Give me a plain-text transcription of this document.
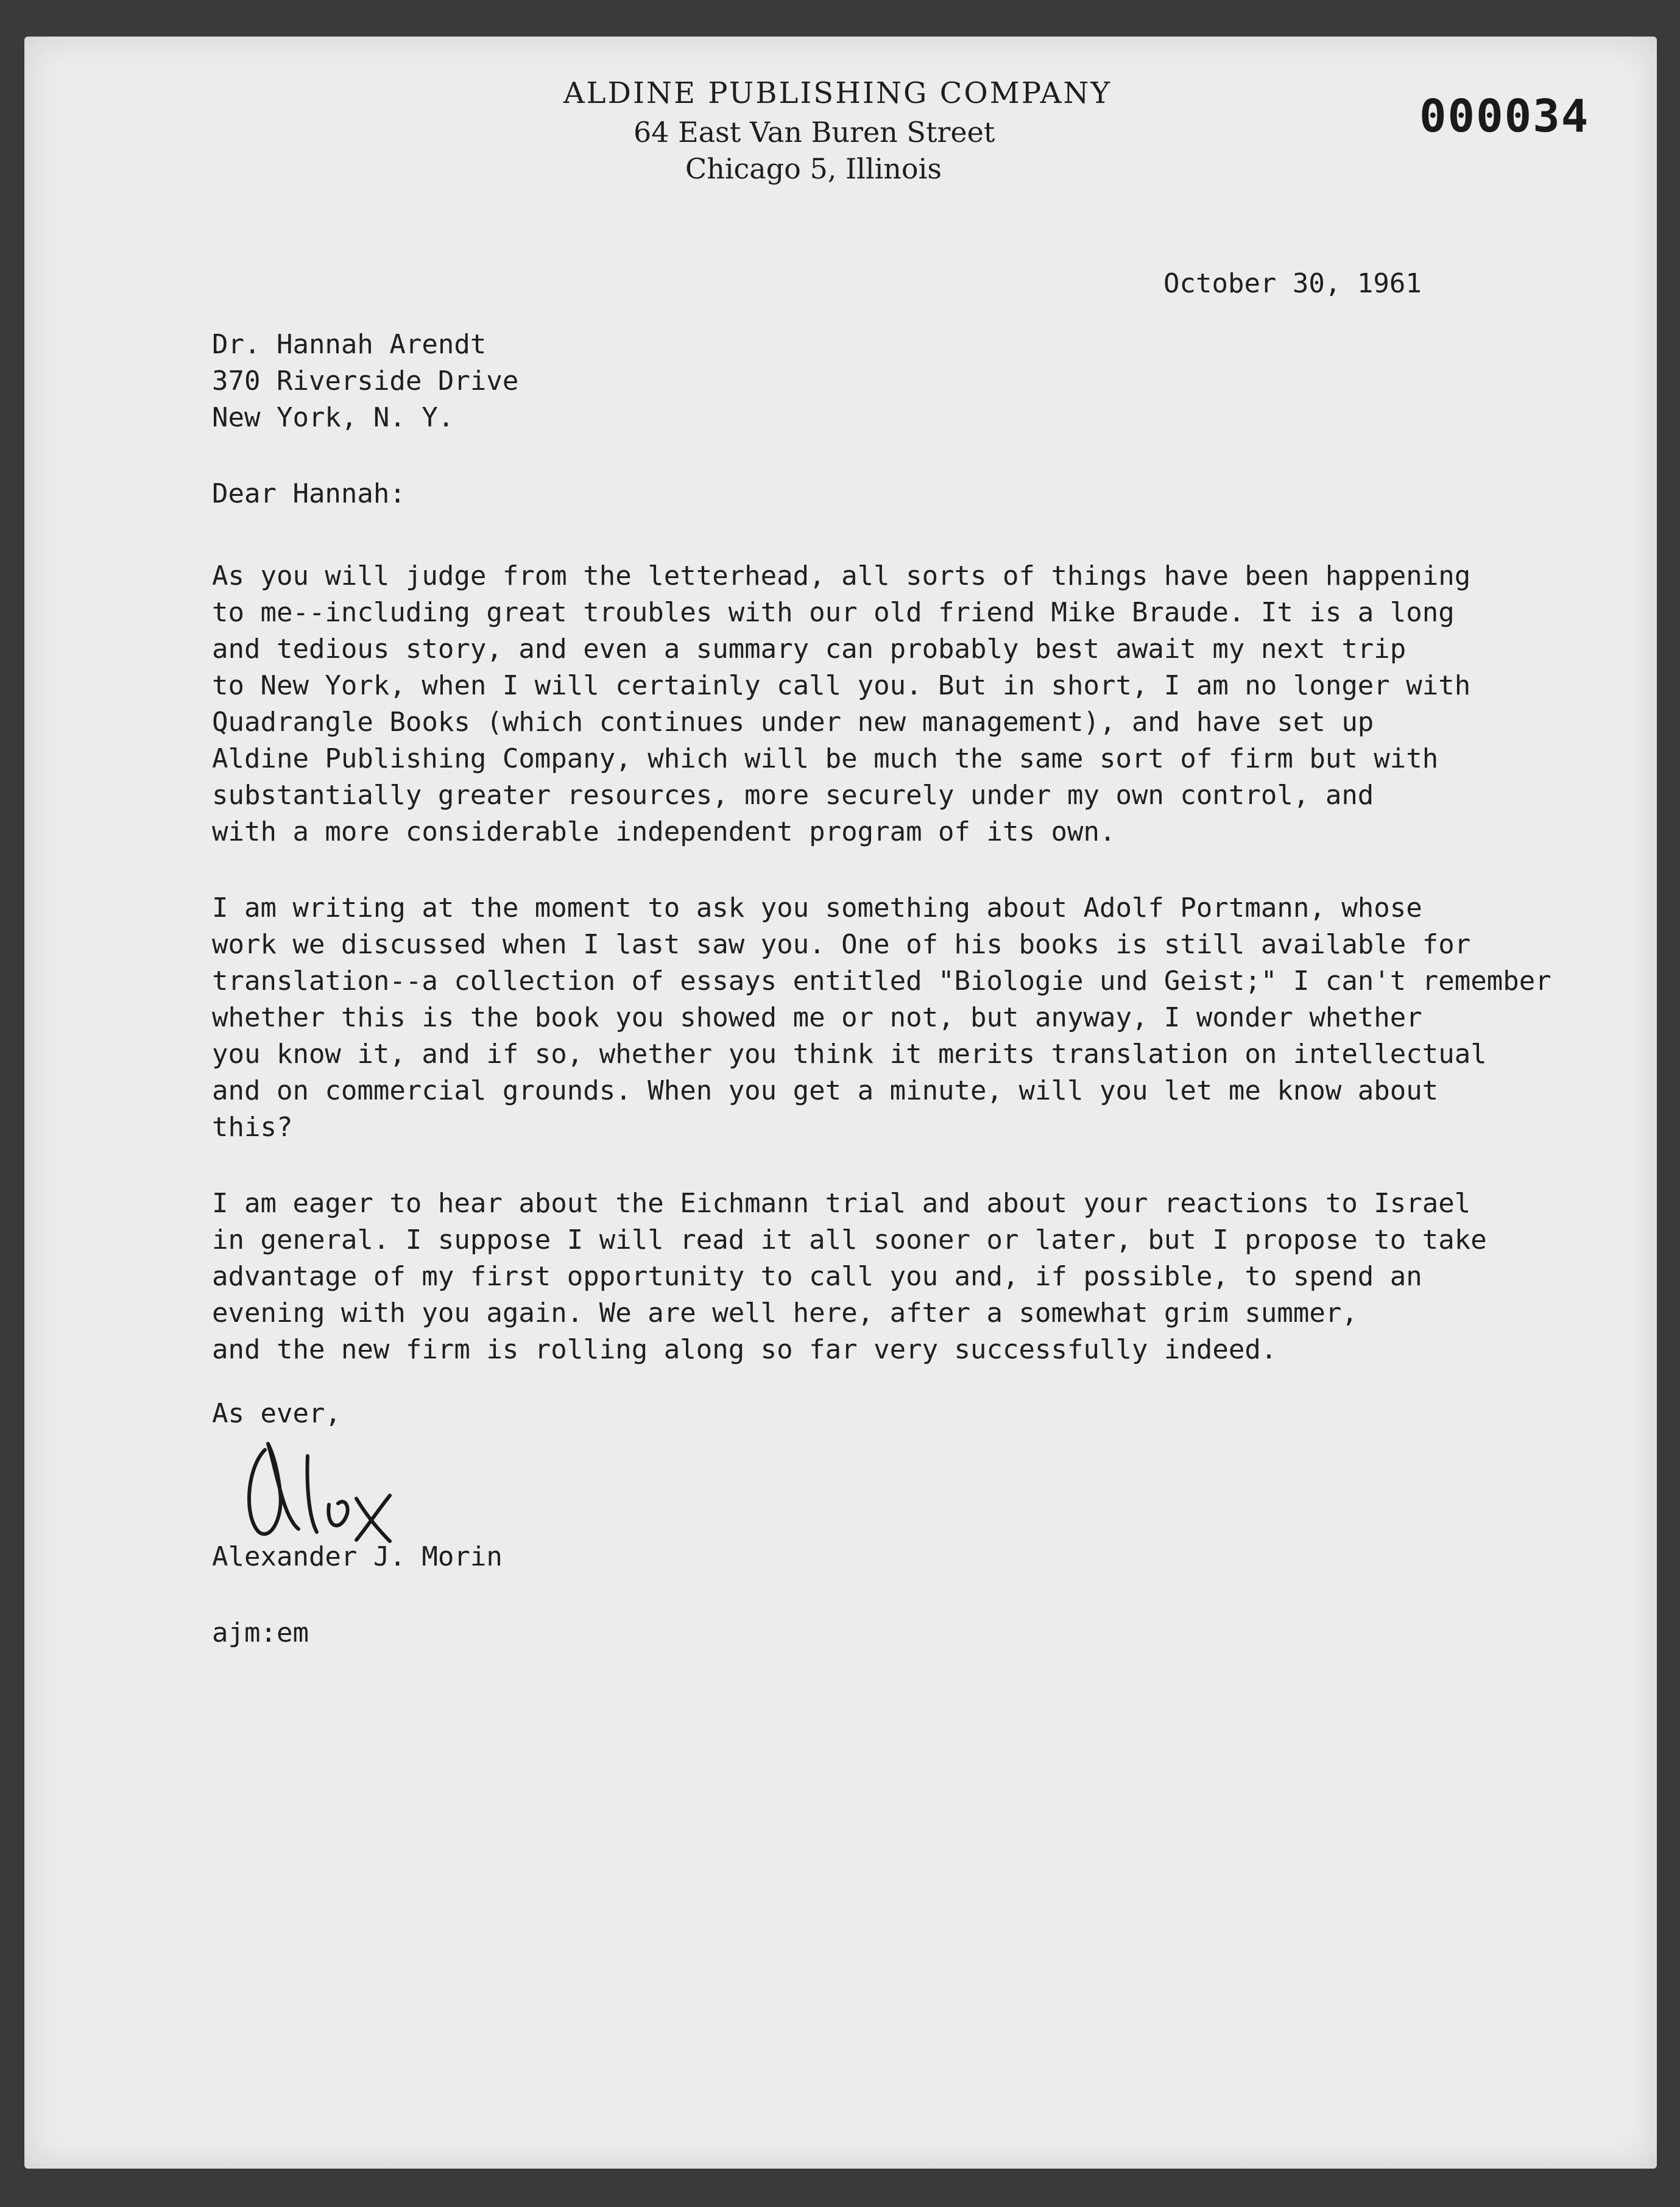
ALDINE PUBLISHING COMPANY
64 East Van Buren Street
Chicago 5, Illinois
000034
October 30, 1961
Dr. Hannah Arendt
370 Riverside Drive
New York, N. Y.
Dear Hannah:
As you will judge from the letterhead, all sorts of things have been happening
to me--including great troubles with our old friend Mike Braude. It is a long
and tedious story, and even a summary can probably best await my next trip
to New York, when I will certainly call you. But in short, I am no longer with
Quadrangle Books (which continues under new management), and have set up
Aldine Publishing Company, which will be much the same sort of firm but with
substantially greater resources, more securely under my own control, and
with a more considerable independent program of its own.
I am writing at the moment to ask you something about Adolf Portmann, whose
work we discussed when I last saw you. One of his books is still available for
translation--a collection of essays entitled "Biologie und Geist;" I can't remember
whether this is the book you showed me or not, but anyway, I wonder whether
you know it, and if so, whether you think it merits translation on intellectual
and on commercial grounds. When you get a minute, will you let me know about
this?
I am eager to hear about the Eichmann trial and about your reactions to Israel
in general. I suppose I will read it all sooner or later, but I propose to take
advantage of my first opportunity to call you and, if possible, to spend an
evening with you again. We are well here, after a somewhat grim summer,
and the new firm is rolling along so far very successfully indeed.
As ever,
Alexander J. Morin
ajm:em
